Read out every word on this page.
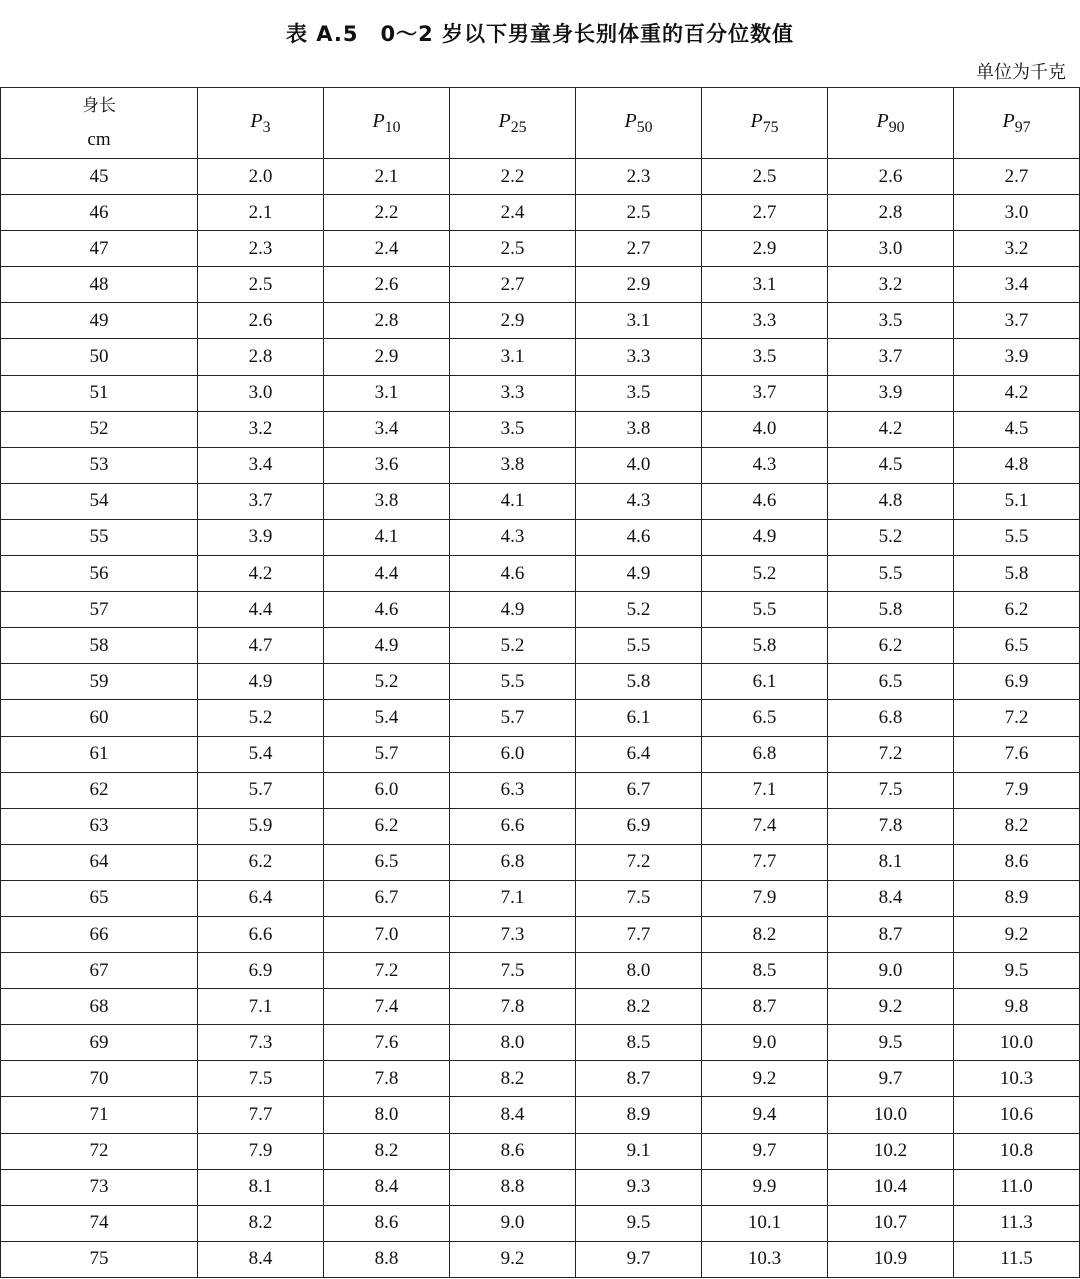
表 A.5　0～2 岁以下男童身长别体重的百分位数值
单位为千克
身长
cm	$P_3$	$P_{10}$	$P_{25}$	$P_{50}$	$P_{75}$	$P_{90}$	$P_{97}$
45	2.0	2.1	2.2	2.3	2.5	2.6	2.7
46	2.1	2.2	2.4	2.5	2.7	2.8	3.0
47	2.3	2.4	2.5	2.7	2.9	3.0	3.2
48	2.5	2.6	2.7	2.9	3.1	3.2	3.4
49	2.6	2.8	2.9	3.1	3.3	3.5	3.7
50	2.8	2.9	3.1	3.3	3.5	3.7	3.9
51	3.0	3.1	3.3	3.5	3.7	3.9	4.2
52	3.2	3.4	3.5	3.8	4.0	4.2	4.5
53	3.4	3.6	3.8	4.0	4.3	4.5	4.8
54	3.7	3.8	4.1	4.3	4.6	4.8	5.1
55	3.9	4.1	4.3	4.6	4.9	5.2	5.5
56	4.2	4.4	4.6	4.9	5.2	5.5	5.8
57	4.4	4.6	4.9	5.2	5.5	5.8	6.2
58	4.7	4.9	5.2	5.5	5.8	6.2	6.5
59	4.9	5.2	5.5	5.8	6.1	6.5	6.9
60	5.2	5.4	5.7	6.1	6.5	6.8	7.2
61	5.4	5.7	6.0	6.4	6.8	7.2	7.6
62	5.7	6.0	6.3	6.7	7.1	7.5	7.9
63	5.9	6.2	6.6	6.9	7.4	7.8	8.2
64	6.2	6.5	6.8	7.2	7.7	8.1	8.6
65	6.4	6.7	7.1	7.5	7.9	8.4	8.9
66	6.6	7.0	7.3	7.7	8.2	8.7	9.2
67	6.9	7.2	7.5	8.0	8.5	9.0	9.5
68	7.1	7.4	7.8	8.2	8.7	9.2	9.8
69	7.3	7.6	8.0	8.5	9.0	9.5	10.0
70	7.5	7.8	8.2	8.7	9.2	9.7	10.3
71	7.7	8.0	8.4	8.9	9.4	10.0	10.6
72	7.9	8.2	8.6	9.1	9.7	10.2	10.8
73	8.1	8.4	8.8	9.3	9.9	10.4	11.0
74	8.2	8.6	9.0	9.5	10.1	10.7	11.3
75	8.4	8.8	9.2	9.7	10.3	10.9	11.5
